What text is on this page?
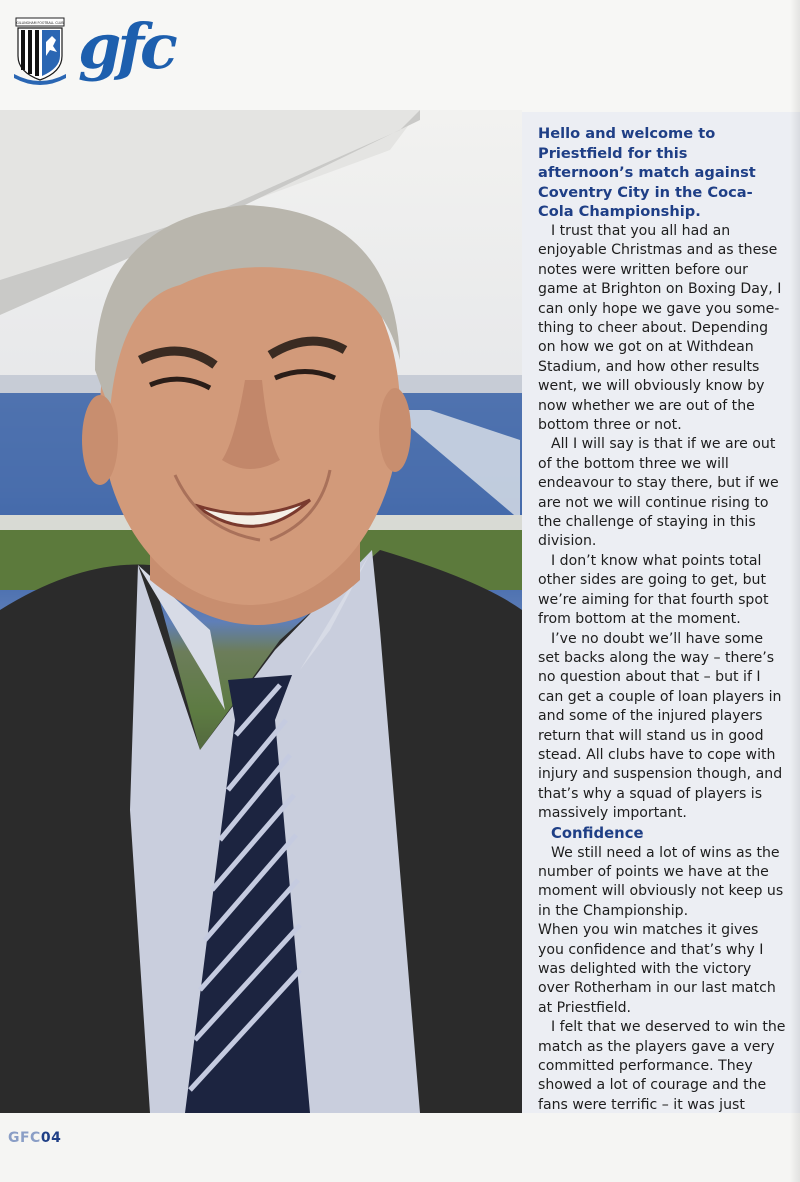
GILLINGHAM FOOTBALL CLUB gfc

Hello and welcome to Priestfield for this afternoon’s match against Coventry City in the Coca-Cola Championship.

I trust that you all had an enjoyable Christmas and as these notes were written before our game at Brighton on Boxing Day, I can only hope we gave you some-thing to cheer about. Depending on how we got on at Withdean Stadium, and how other results went, we will obviously know by now whether we are out of the bottom three or not.

All I will say is that if we are out of the bottom three we will endeavour to stay there, but if we are not we will continue rising to the challenge of staying in this division.

I don’t know what points total other sides are going to get, but we’re aiming for that fourth spot from bottom at the moment.

I’ve no doubt we’ll have some set backs along the way – there’s no question about that – but if I can get a couple of loan players in and some of the injured players return that will stand us in good stead. All clubs have to cope with injury and suspension though, and that’s why a squad of players is massively important.

Confidence

We still need a lot of wins as the number of points we have at the moment will obviously not keep us in the Championship.

When you win matches it gives you confidence and that’s why I was delighted with the victory over Rotherham in our last match at Priestfield.

I felt that we deserved to win the match as the players gave a very committed performance. They showed a lot of courage and the fans were terrific – it was just

GFC04
